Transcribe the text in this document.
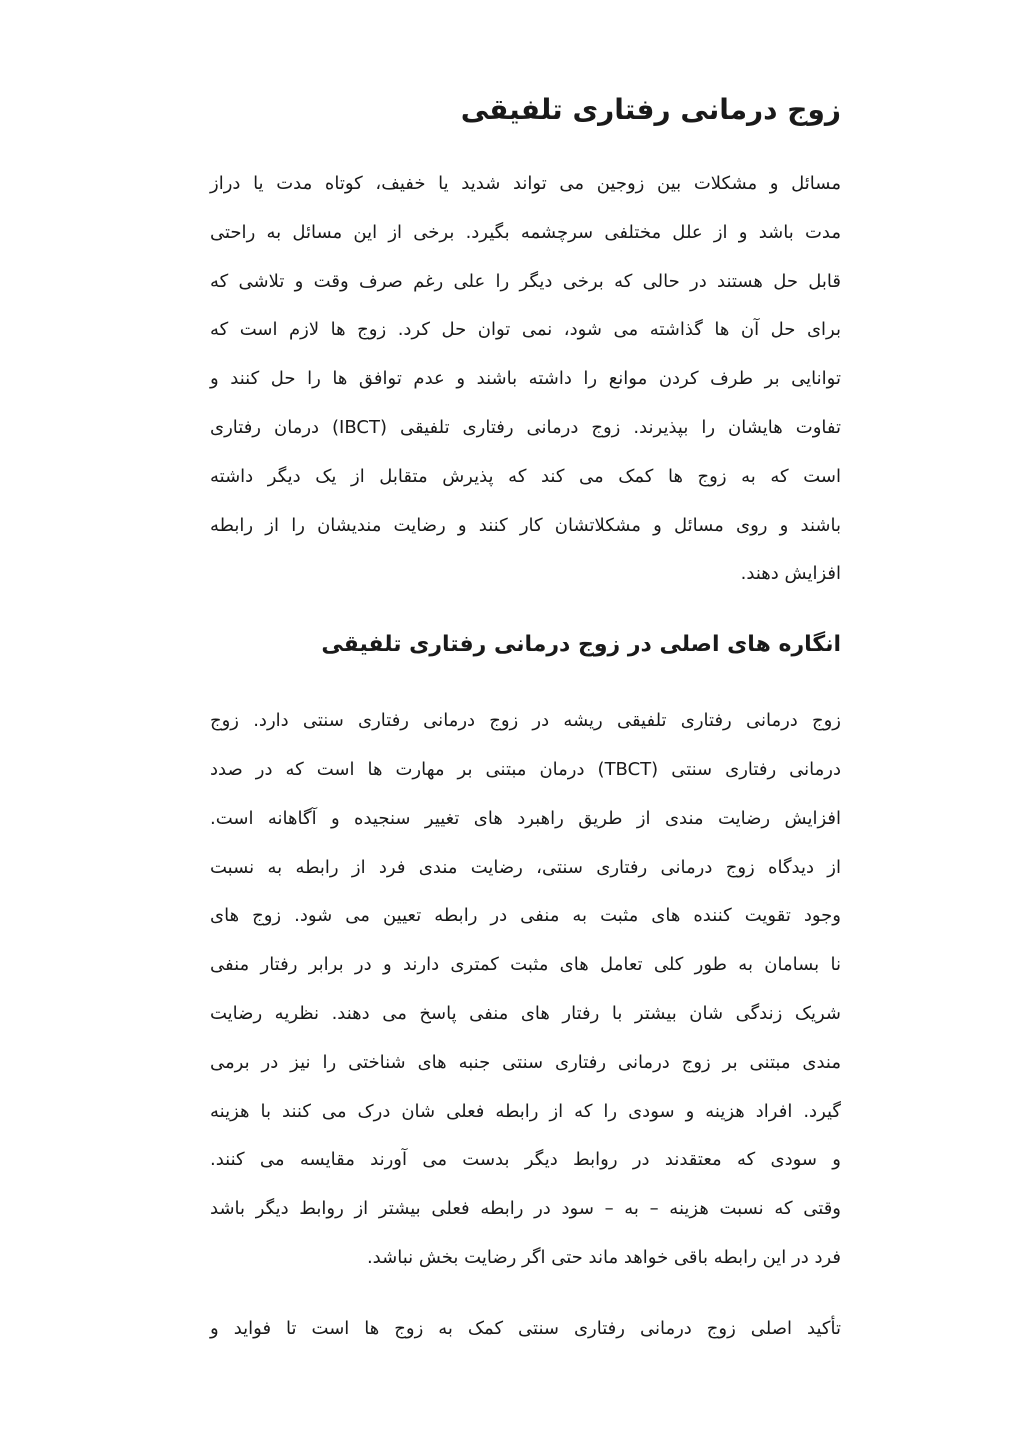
زوج درمانی رفتاری تلفیقی
مسائل و مشکلات بین زوجین می تواند شدید یا خفیف، کوتاه مدت یا دراز
مدت باشد و از علل مختلفی سرچشمه بگیرد. برخی از این مسائل به راحتی
قابل حل هستند در حالی که برخی دیگر را علی رغم صرف وقت و تلاشی که
برای حل آن ها گذاشته می شود، نمی توان حل کرد. زوج ها لازم است که
توانایی بر طرف کردن موانع را داشته باشند و عدم توافق ها را حل کنند و
تفاوت هایشان را بپذیرند. زوج درمانی رفتاری تلفیقی (IBCT) درمان رفتاری
است که به زوج ها کمک می کند که پذیرش متقابل از یک دیگر داشته
باشند و روی مسائل و مشکلاتشان کار کنند و رضایت مندیشان را از رابطه
افزایش دهند.
انگاره های اصلی در زوج درمانی رفتاری تلفیقی
زوج درمانی رفتاری تلفیقی ریشه در زوج درمانی رفتاری سنتی دارد. زوج
درمانی رفتاری سنتی (TBCT) درمان مبتنی بر مهارت ها است که در صدد
افزایش رضایت مندی از طریق راهبرد های تغییر سنجیده و آگاهانه است.
از دیدگاه زوج درمانی رفتاری سنتی، رضایت مندی فرد از رابطه به نسبت
وجود تقویت کننده های مثبت به منفی در رابطه تعیین می شود. زوج های
نا بسامان به طور کلی تعامل های مثبت کمتری دارند و در برابر رفتار منفی
شریک زندگی شان بیشتر با رفتار های منفی پاسخ می دهند. نظریه رضایت
مندی مبتنی بر زوج درمانی رفتاری سنتی جنبه های شناختی را نیز در برمی
گیرد. افراد هزینه و سودی را که از رابطه فعلی شان درک می کنند با هزینه
و سودی که معتقدند در روابط دیگر بدست می آورند مقایسه می کنند.
وقتی که نسبت هزینه – به – سود در رابطه فعلی بیشتر از روابط دیگر باشد
فرد در این رابطه باقی خواهد ماند حتی اگر رضایت بخش نباشد.
تأکید اصلی زوج درمانی رفتاری سنتی کمک به زوج ها است تا فواید و
